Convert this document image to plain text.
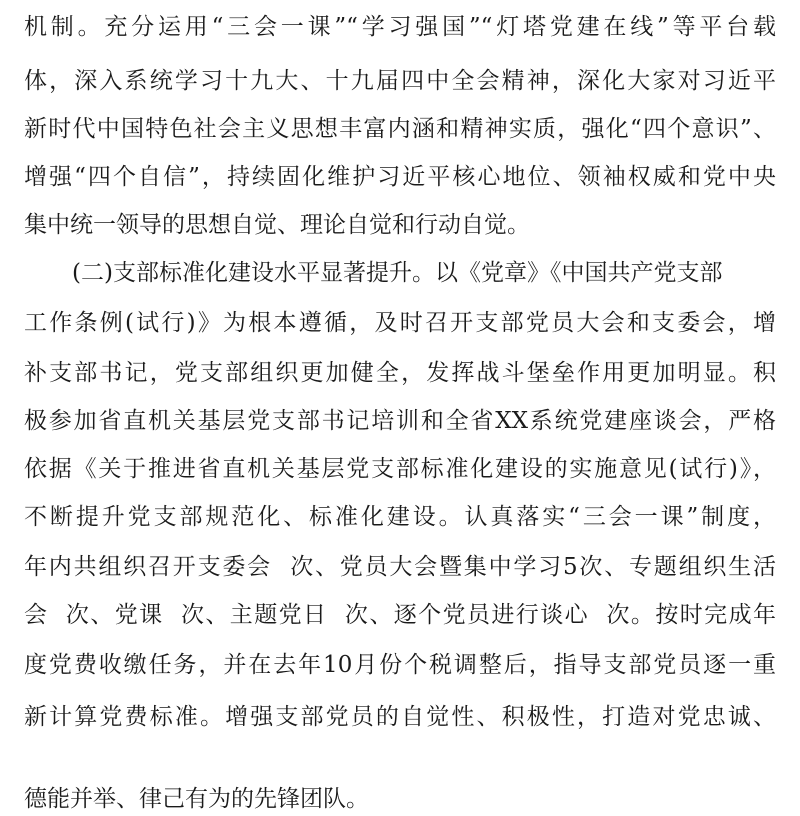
机制。充分运用“三会一课”“学习强国”“灯塔党建在线”等平台载
体，深入系统学习十九大、十九届四中全会精神，深化大家对习近平
新时代中国特色社会主义思想丰富内涵和精神实质，强化“四个意识”、
增强“四个自信”，持续固化维护习近平核心地位、领袖权威和党中央
集中统一领导的思想自觉、理论自觉和行动自觉。
(二)支部标准化建设水平显著提升。以《党章》《中国共产党支部
工作条例(试行)》为根本遵循，及时召开支部党员大会和支委会，增
补支部书记，党支部组织更加健全，发挥战斗堡垒作用更加明显。积
极参加省直机关基层党支部书记培训和全省XX系统党建座谈会，严格
依据《关于推进省直机关基层党支部标准化建设的实施意见(试行)》，
不断提升党支部规范化、标准化建设。认真落实“三会一课”制度，
年内共组织召开支委会  次、党员大会暨集中学习5次、专题组织生活
会  次、党课  次、主题党日  次、逐个党员进行谈心  次。按时完成年
度党费收缴任务，并在去年10月份个税调整后，指导支部党员逐一重
新计算党费标准。增强支部党员的自觉性、积极性，打造对党忠诚、
德能并举、律己有为的先锋团队。
